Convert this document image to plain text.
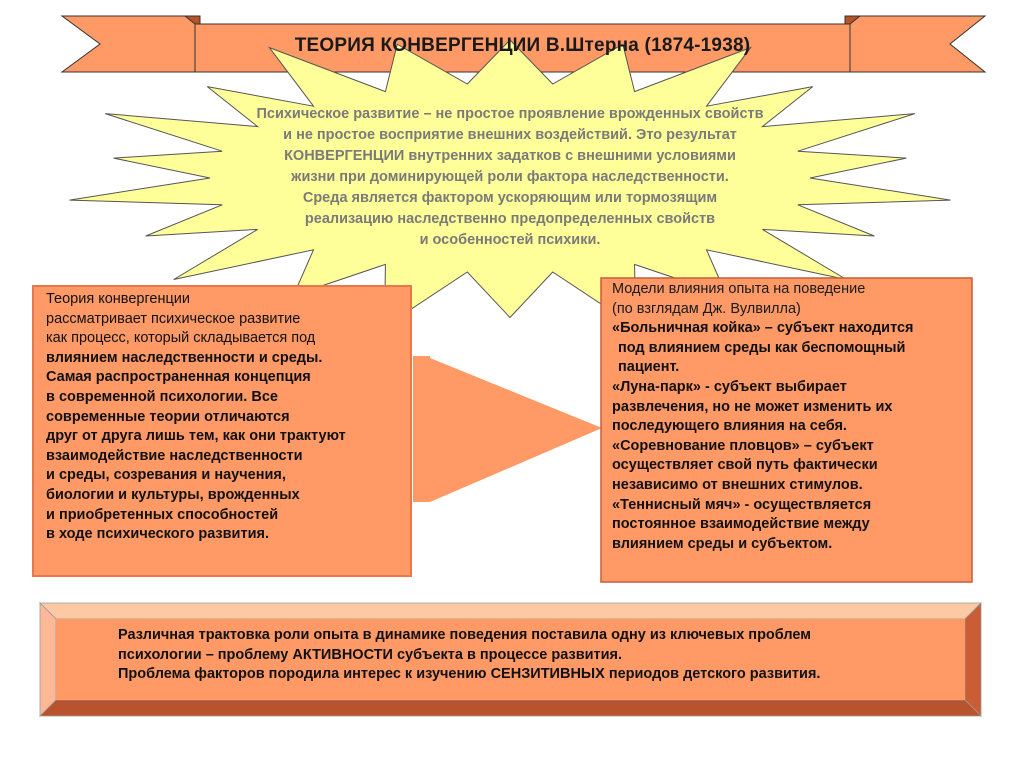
ТЕОРИЯ КОНВЕРГЕНЦИИ В.Штерна (1874-1938)
Психическое развитие – не простое проявление врожденных свойств
и не простое восприятие внешних воздействий. Это результат
КОНВЕРГЕНЦИИ внутренних задатков с внешними условиями
жизни при доминирующей роли фактора наследственности.
Среда является фактором ускоряющим или тормозящим
реализацию наследственно предопределенных свойств
и особенностей психики.
Теория конвергенции
рассматривает психическое развитие
как процесс, который складывается под
влиянием наследственности и среды.
Самая распространенная концепция
в современной психологии. Все
современные теории отличаются
друг от друга лишь тем, как они трактуют
взаимодействие наследственности
и среды, созревания и научения,
биологии и культуры, врожденных
и приобретенных способностей
в ходе психического развития.
Модели влияния опыта на поведение
(по взглядам Дж. Вулвилла)
«Больничная койка» – субъект находится
под влиянием среды как беспомощный
пациент.
«Луна-парк» - субъект выбирает
развлечения, но не может изменить их
последующего влияния на себя.
«Соревнование пловцов» – субъект
осуществляет свой путь фактически
независимо от внешних стимулов.
«Теннисный мяч» - осуществляется
постоянное взаимодействие между
влиянием среды и субъектом.
Различная трактовка роли опыта в динамике поведения поставила одну из ключевых проблем
психологии – проблему АКТИВНОСТИ субъекта в процессе развития.
Проблема факторов породила интерес к изучению СЕНЗИТИВНЫХ периодов детского развития.
